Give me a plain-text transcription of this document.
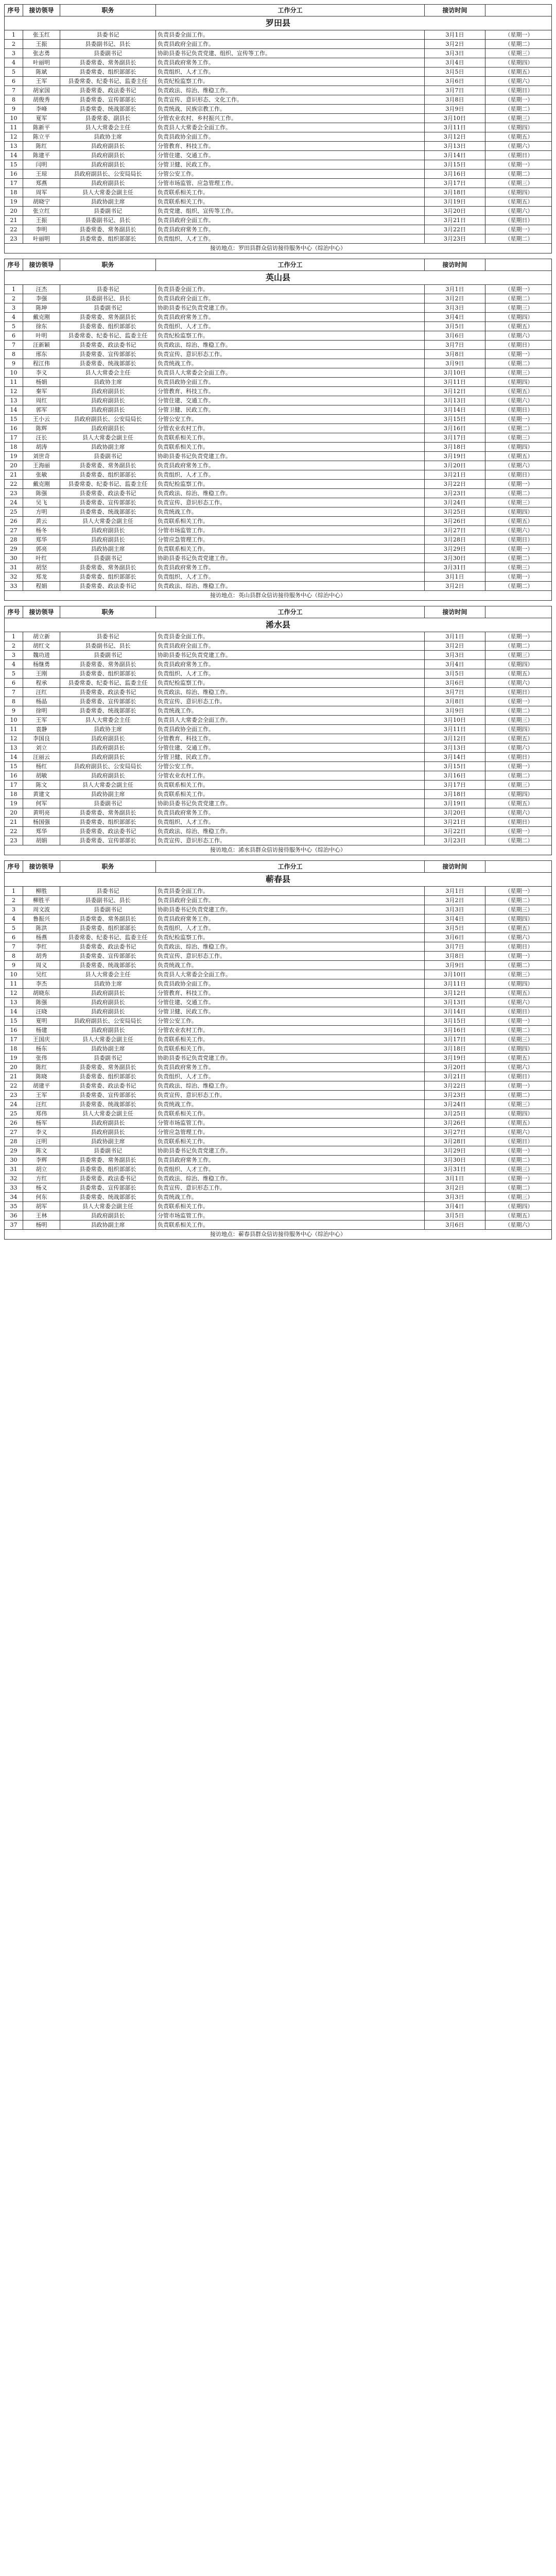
序号	接访领导	职务	工作分工	接访时间
罗田县
1	张玉红	县委书记	负责县委全面工作。	3月1日	（星期一）
2	王振	县委副书记、县长	负责县政府全面工作。	3月2日	（星期二）
3	张志勇	县委副书记	协助县委书记负责党建、组织、宣传等工作。	3月3日	（星期三）
4	叶丽明	县委常委、常务副县长	负责县政府常务工作。	3月4日	（星期四）
5	陈斌	县委常委、组织部部长	负责组织、人才工作。	3月5日	（星期五）
6	王军	县委常委、纪委书记、监委主任	负责纪检监察工作。	3月6日	（星期六）
7	胡家国	县委常委、政法委书记	负责政法、综治、维稳工作。	3月7日	（星期日）
8	胡俊秀	县委常委、宣传部部长	负责宣传、意识形态、文化工作。	3月8日	（星期一）
9	李峰	县委常委、统战部部长	负责统战、民族宗教工作。	3月9日	（星期二）
10	夏军	县委常委、副县长	分管农业农村、乡村振兴工作。	3月10日	（星期三）
11	陈新平	县人大常委会主任	负责县人大常委会全面工作。	3月11日	（星期四）
12	陈立平	县政协主席	负责县政协全面工作。	3月12日	（星期五）
13	陈红	县政府副县长	分管教育、科技工作。	3月13日	（星期六）
14	陈建平	县政府副县长	分管住建、交通工作。	3月14日	（星期日）
15	闫明	县政府副县长	分管卫健、民政工作。	3月15日	（星期一）
16	王琼	县政府副县长、公安局局长	分管公安工作。	3月16日	（星期二）
17	郑燕	县政府副县长	分管市场监管、应急管理工作。	3月17日	（星期三）
18	周军	县人大常委会副主任	负责联系相关工作。	3月18日	（星期四）
19	胡晓宁	县政协副主席	负责联系相关工作。	3月19日	（星期五）
20	张立红	县委副书记	负责党建、组织、宣传等工作。	3月20日	（星期六）
21	王振	县委副书记、县长	负责县政府全面工作。	3月21日	（星期日）
22	李明	县委常委、常务副县长	负责县政府常务工作。	3月22日	（星期一）
23	叶丽明	县委常委、组织部部长	负责组织、人才工作。	3月23日	（星期二）
接访地点：罗田县群众信访接待服务中心（综治中心）
序号	接访领导	职务	工作分工	接访时间
英山县
1	汪杰	县委书记	负责县委全面工作。	3月1日	（星期一）
2	李强	县委副书记、县长	负责县政府全面工作。	3月2日	（星期二）
3	陈坤	县委副书记	协助县委书记负责党建工作。	3月3日	（星期三）
4	戴克刚	县委常委、常务副县长	负责县政府常务工作。	3月4日	（星期四）
5	徐东	县委常委、组织部部长	负责组织、人才工作。	3月5日	（星期五）
6	叶明	县委常委、纪委书记、监委主任	负责纪检监察工作。	3月6日	（星期六）
7	汪新颖	县委常委、政法委书记	负责政法、综治、维稳工作。	3月7日	（星期日）
8	邢东	县委常委、宣传部部长	负责宣传、意识形态工作。	3月8日	（星期一）
9	程江伟	县委常委、统战部部长	负责统战工作。	3月9日	（星期二）
10	李义	县人大常委会主任	负责县人大常委会全面工作。	3月10日	（星期三）
11	杨娟	县政协主席	负责县政协全面工作。	3月11日	（星期四）
12	秦军	县政府副县长	分管教育、科技工作。	3月12日	（星期五）
13	周红	县政府副县长	分管住建、交通工作。	3月13日	（星期六）
14	郭军	县政府副县长	分管卫健、民政工作。	3月14日	（星期日）
15	王小云	县政府副县长、公安局局长	分管公安工作。	3月15日	（星期一）
16	陈辉	县政府副县长	分管农业农村工作。	3月16日	（星期二）
17	汪长	县人大常委会副主任	负责联系相关工作。	3月17日	（星期三）
18	胡涛	县政协副主席	负责联系相关工作。	3月18日	（星期四）
19	刘世奇	县委副书记	协助县委书记负责党建工作。	3月19日	（星期五）
20	王海丽	县委常委、常务副县长	负责县政府常务工作。	3月20日	（星期六）
21	张敏	县委常委、组织部部长	负责组织、人才工作。	3月21日	（星期日）
22	戴克刚	县委常委、纪委书记、监委主任	负责纪检监察工作。	3月22日	（星期一）
23	陈强	县委常委、政法委书记	负责政法、综治、维稳工作。	3月23日	（星期二）
24	吴飞	县委常委、宣传部部长	负责宣传、意识形态工作。	3月24日	（星期三）
25	方明	县委常委、统战部部长	负责统战工作。	3月25日	（星期四）
26	黄云	县人大常委会副主任	负责联系相关工作。	3月26日	（星期五）
27	杨冬	县政府副县长	分管市场监管工作。	3月27日	（星期六）
28	郑华	县政府副县长	分管应急管理工作。	3月28日	（星期日）
29	郭亮	县政协副主席	负责联系相关工作。	3月29日	（星期一）
30	叶红	县委副书记	协助县委书记负责党建工作。	3月30日	（星期二）
31	胡坚	县委常委、常务副县长	负责县政府常务工作。	3月31日	（星期三）
32	郑龙	县委常委、组织部部长	负责组织、人才工作。	3月1日	（星期一）
33	程娟	县委常委、政法委书记	负责政法、综治、维稳工作。	3月2日	（星期二）
接访地点：英山县群众信访接待服务中心（综治中心）
序号	接访领导	职务	工作分工	接访时间
浠水县
1	胡立新	县委书记	负责县委全面工作。	3月1日	（星期一）
2	胡红文	县委副书记、县长	负责县政府全面工作。	3月2日	（星期二）
3	魏功进	县委副书记	协助县委书记负责党建工作。	3月3日	（星期三）
4	杨继勇	县委常委、常务副县长	负责县政府常务工作。	3月4日	（星期四）
5	王刚	县委常委、组织部部长	负责组织、人才工作。	3月5日	（星期五）
6	程承	县委常委、纪委书记、监委主任	负责纪检监察工作。	3月6日	（星期六）
7	汪红	县委常委、政法委书记	负责政法、综治、维稳工作。	3月7日	（星期日）
8	杨晶	县委常委、宣传部部长	负责宣传、意识形态工作。	3月8日	（星期一）
9	徐明	县委常委、统战部部长	负责统战工作。	3月9日	（星期二）
10	王军	县人大常委会主任	负责县人大常委会全面工作。	3月10日	（星期三）
11	袁静	县政协主席	负责县政协全面工作。	3月11日	（星期四）
12	李国良	县政府副县长	分管教育、科技工作。	3月12日	（星期五）
13	刘立	县政府副县长	分管住建、交通工作。	3月13日	（星期六）
14	汪丽云	县政府副县长	分管卫健、民政工作。	3月14日	（星期日）
15	杨红	县政府副县长、公安局局长	分管公安工作。	3月15日	（星期一）
16	胡敏	县政府副县长	分管农业农村工作。	3月16日	（星期二）
17	陈文	县人大常委会副主任	负责联系相关工作。	3月17日	（星期三）
18	黄建文	县政协副主席	负责联系相关工作。	3月18日	（星期四）
19	何军	县委副书记	协助县委书记负责党建工作。	3月19日	（星期五）
20	黄明亮	县委常委、常务副县长	负责县政府常务工作。	3月20日	（星期六）
21	杨国强	县委常委、组织部部长	负责组织、人才工作。	3月21日	（星期日）
22	郑华	县委常委、政法委书记	负责政法、综治、维稳工作。	3月22日	（星期一）
23	胡娟	县委常委、宣传部部长	负责宣传、意识形态工作。	3月23日	（星期二）
接访地点：浠水县群众信访接待服务中心（综治中心）
序号	接访领导	职务	工作分工	接访时间
蕲春县
1	柳胜	县委书记	负责县委全面工作。	3月1日	（星期一）
2	柳胜平	县委副书记、县长	负责县政府全面工作。	3月2日	（星期二）
3	周文波	县委副书记	协助县委书记负责党建工作。	3月3日	（星期三）
4	鲁振兴	县委常委、常务副县长	负责县政府常务工作。	3月4日	（星期四）
5	陈洪	县委常委、组织部部长	负责组织、人才工作。	3月5日	（星期五）
6	杨燕	县委常委、纪委书记、监委主任	负责纪检监察工作。	3月6日	（星期六）
7	李红	县委常委、政法委书记	负责政法、综治、维稳工作。	3月7日	（星期日）
8	胡秀	县委常委、宣传部部长	负责宣传、意识形态工作。	3月8日	（星期一）
9	周义	县委常委、统战部部长	负责统战工作。	3月9日	（星期二）
10	吴红	县人大常委会主任	负责县人大常委会全面工作。	3月10日	（星期三）
11	李杰	县政协主席	负责县政协全面工作。	3月11日	（星期四）
12	胡晓东	县政府副县长	分管教育、科技工作。	3月12日	（星期五）
13	陈强	县政府副县长	分管住建、交通工作。	3月13日	（星期六）
14	汪晓	县政府副县长	分管卫健、民政工作。	3月14日	（星期日）
15	夏明	县政府副县长、公安局局长	分管公安工作。	3月15日	（星期一）
16	杨建	县政府副县长	分管农业农村工作。	3月16日	（星期二）
17	王国庆	县人大常委会副主任	负责联系相关工作。	3月17日	（星期三）
18	杨东	县政协副主席	负责联系相关工作。	3月18日	（星期四）
19	张伟	县委副书记	协助县委书记负责党建工作。	3月19日	（星期五）
20	陈红	县委常委、常务副县长	负责县政府常务工作。	3月20日	（星期六）
21	陈晓	县委常委、组织部部长	负责组织、人才工作。	3月21日	（星期日）
22	胡建平	县委常委、政法委书记	负责政法、综治、维稳工作。	3月22日	（星期一）
23	王军	县委常委、宣传部部长	负责宣传、意识形态工作。	3月23日	（星期二）
24	汪红	县委常委、统战部部长	负责统战工作。	3月24日	（星期三）
25	郑伟	县人大常委会副主任	负责联系相关工作。	3月25日	（星期四）
26	杨军	县政府副县长	分管市场监管工作。	3月26日	（星期五）
27	李义	县政府副县长	分管应急管理工作。	3月27日	（星期六）
28	汪明	县政协副主席	负责联系相关工作。	3月28日	（星期日）
29	陈文	县委副书记	协助县委书记负责党建工作。	3月29日	（星期一）
30	李辉	县委常委、常务副县长	负责县政府常务工作。	3月30日	（星期二）
31	胡立	县委常委、组织部部长	负责组织、人才工作。	3月31日	（星期三）
32	方红	县委常委、政法委书记	负责政法、综治、维稳工作。	3月1日	（星期一）
33	杨义	县委常委、宣传部部长	负责宣传、意识形态工作。	3月2日	（星期二）
34	何东	县委常委、统战部部长	负责统战工作。	3月3日	（星期三）
35	胡军	县人大常委会副主任	负责联系相关工作。	3月4日	（星期四）
36	王林	县政府副县长	分管市场监管工作。	3月5日	（星期五）
37	杨明	县政协副主席	负责联系相关工作。	3月6日	（星期六）
接访地点：蕲春县群众信访接待服务中心（综治中心）
